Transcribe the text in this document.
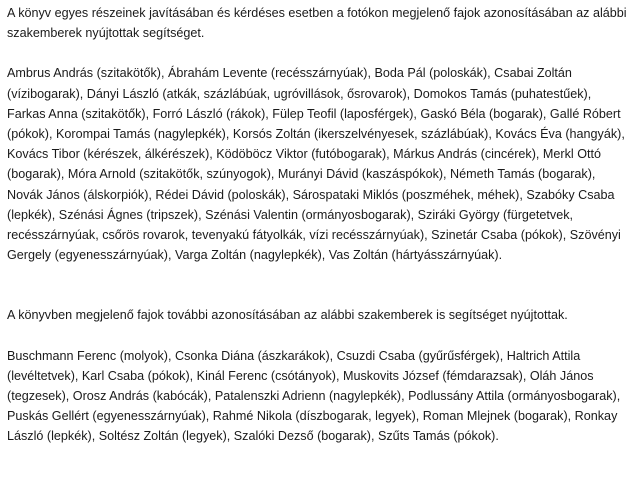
A könyv egyes részeinek javításában és kérdéses esetben a fotókon megjelenő fajok azonosításában az alábbi szakemberek nyújtottak segítséget.

Ambrus András (szitakötők), Ábrahám Levente (recésszárnyúak), Boda Pál (poloskák), Csabai Zoltán (vízibogarak), Dányi László (atkák, százlábúak, ugróvillások, ősrovarok), Domokos Tamás (puhatestűek), Farkas Anna (szitakötők), Forró László (rákok), Fülep Teofil (laposférgek), Gaskó Béla (bogarak), Gallé Róbert (pókok), Korompai Tamás (nagylepkék), Korsós Zoltán (ikerszelvényesek, százlábúak), Kovács Éva (hangyák), Kovács Tibor (kérészek, álkérészek), Ködöböcz Viktor (futóbogarak), Márkus András (cincérek), Merkl Ottó (bogarak), Móra Arnold (szitakötők, szúnyogok), Murányi Dávid (kaszáspókok), Németh Tamás (bogarak), Novák János (álskorpiók), Rédei Dávid (poloskák), Sárospataki Miklós (poszméhek, méhek), Szabóky Csaba (lepkék), Szénási Ágnes (tripszek), Szénási Valentin (ormányosbogarak), Sziráki György (fürgetetvek, recésszárnyúak, csőrös rovarok, tevenyakú fátyolkák, vízi recésszárnyúak), Szinetár Csaba (pókok), Szövényi Gergely (egyenesszárnyúak), Varga Zoltán (nagylepkék), Vas Zoltán (hártyásszárnyúak).

A könyvben megjelenő fajok további azonosításában az alábbi szakemberek is segítséget nyújtottak.

Buschmann Ferenc (molyok), Csonka Diána (ászkarákok), Csuzdi Csaba (gyűrűsférgek), Haltrich Attila (levéltetvek), Karl Csaba (pókok), Kinál Ferenc (csótányok), Muskovits József (fémdarazsak), Oláh János (tegzesek), Orosz András (kabócák), Patalenszki Adrienn (nagylepkék), Podlussány Attila (ormányosbogarak), Puskás Gellért (egyenesszárnyúak), Rahmé Nikola (díszbogarak, legyek), Roman Mlejnek (bogarak), Ronkay László (lepkék), Soltész Zoltán (legyek), Szalóki Dezső (bogarak), Szűts Tamás (pókok).
